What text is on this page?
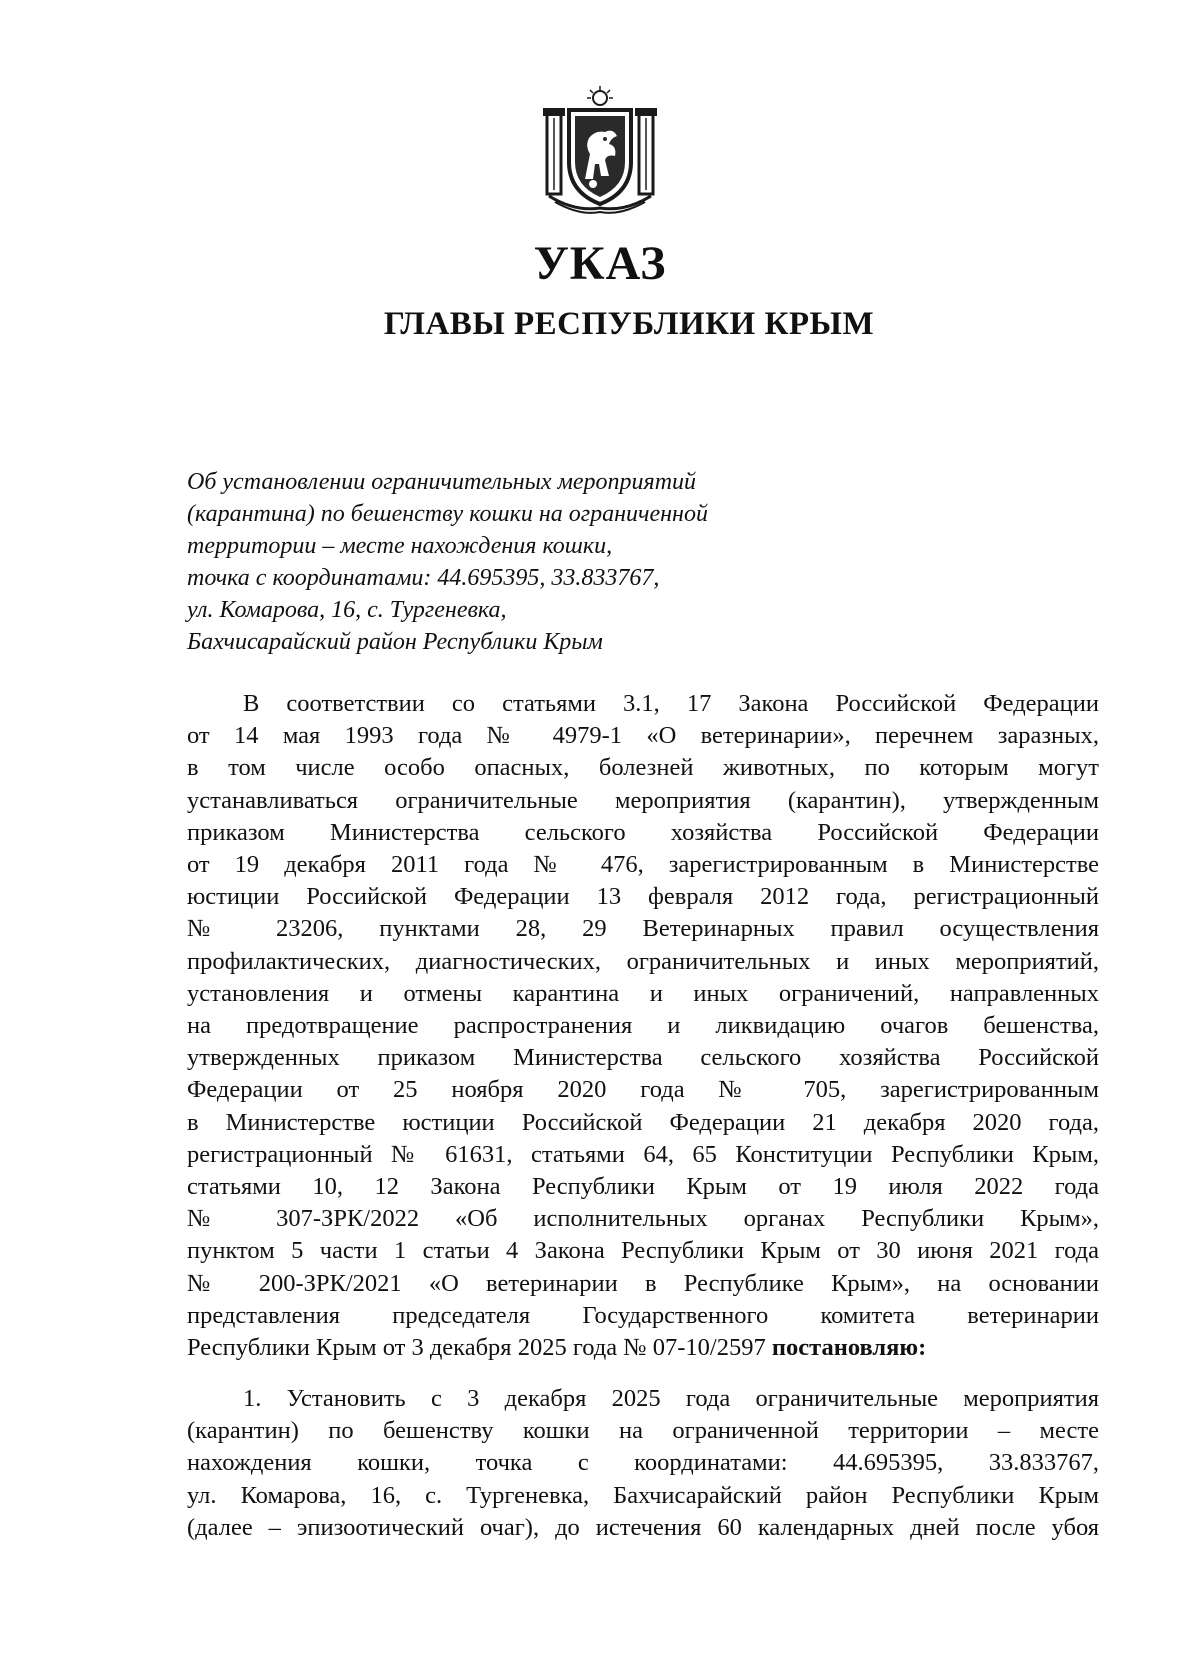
УКАЗ
ГЛАВЫ РЕСПУБЛИКИ КРЫМ
Об установлении ограничительных мероприятий
(карантина) по бешенству кошки на ограниченной
территории – месте нахождения кошки,
точка с координатами: 44.695395, 33.833767,
ул. Комарова, 16, с. Тургеневка,
Бахчисарайский район Республики Крым
В соответствии со статьями 3.1, 17 Закона Российской Федерации
от 14 мая 1993 года № 4979-1 «О ветеринарии», перечнем заразных,
в том числе особо опасных, болезней животных, по которым могут
устанавливаться ограничительные мероприятия (карантин), утвержденным
приказом Министерства сельского хозяйства Российской Федерации
от 19 декабря 2011 года № 476, зарегистрированным в Министерстве
юстиции Российской Федерации 13 февраля 2012 года, регистрационный
№ 23206, пунктами 28, 29 Ветеринарных правил осуществления
профилактических, диагностических, ограничительных и иных мероприятий,
установления и отмены карантина и иных ограничений, направленных
на предотвращение распространения и ликвидацию очагов бешенства,
утвержденных приказом Министерства сельского хозяйства Российской
Федерации от 25 ноября 2020 года № 705, зарегистрированным
в Министерстве юстиции Российской Федерации 21 декабря 2020 года,
регистрационный № 61631, статьями 64, 65 Конституции Республики Крым,
статьями 10, 12 Закона Республики Крым от 19 июля 2022 года
№ 307-ЗРК/2022 «Об исполнительных органах Республики Крым»,
пунктом 5 части 1 статьи 4 Закона Республики Крым от 30 июня 2021 года
№ 200-ЗРК/2021 «О ветеринарии в Республике Крым», на основании
представления председателя Государственного комитета ветеринарии
Республики Крым от 3 декабря 2025 года № 07-10/2597 постановляю:
1. Установить с 3 декабря 2025 года ограничительные мероприятия
(карантин) по бешенству кошки на ограниченной территории – месте
нахождения кошки, точка с координатами: 44.695395, 33.833767,
ул. Комарова, 16, с. Тургеневка, Бахчисарайский район Республики Крым
(далее – эпизоотический очаг), до истечения 60 календарных дней после убоя
